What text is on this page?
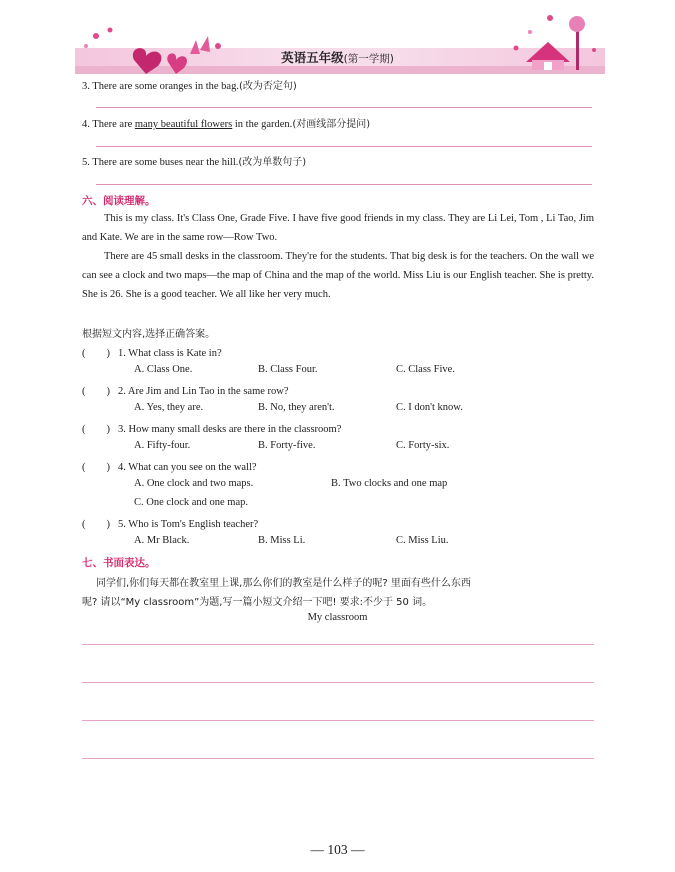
英语五年级(第一学期)
3. There are some oranges in the bag.(改为否定句)
4. There are many beautiful flowers in the garden.(对画线部分提问)
5. There are some buses near the hill.(改为单数句子)
六、阅读理解。

This is my class. It's Class One, Grade Five. I have five good friends in my class. They are Li Lei, Tom , Li Tao, Jim and Kate. We are in the same row—Row Two.

There are 45 small desks in the classroom. They're for the students. That big desk is for the teachers. On the wall we can see a clock and two maps—the map of China and the map of the world. Miss Liu is our English teacher. She is pretty. She is 26. She is a good teacher. We all like her very much.

根据短文内容,选择正确答案。
(　　) 1. What class is Kate in?
A. Class One.	B. Class Four.	C. Class Five.
(　　) 2. Are Jim and Lin Tao in the same row?
A. Yes, they are.	B. No, they aren't.	C. I don't know.
(　　) 3. How many small desks are there in the classroom?
A. Fifty-four.	B. Forty-five.	C. Forty-six.
(　　) 4. What can you see on the wall?
A. One clock and two maps.	B. Two clocks and one map
C. One clock and one map.
(　　) 5. Who is Tom's English teacher?
A. Mr Black.	B. Miss Li.	C. Miss Liu.
七、书面表达。
同学们,你们每天都在教室里上课,那么你们的教室是什么样子的呢? 里面有些什么东西
呢? 请以“My classroom”为题,写一篇小短文介绍一下吧! 要求:不少于 50 词。
My classroom
— 103 —
